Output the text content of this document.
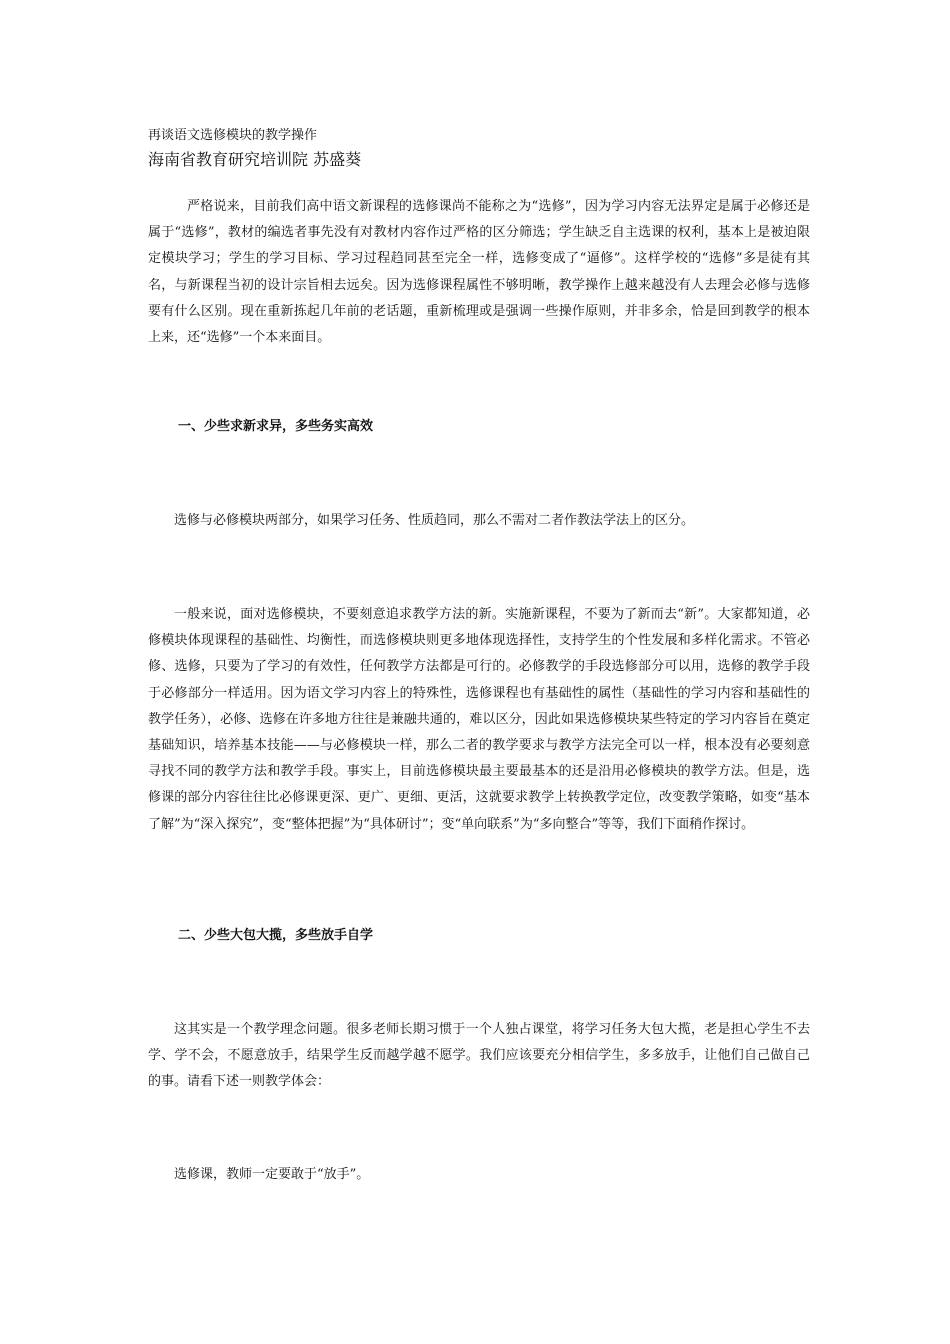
再谈语文选修模块的教学操作
海南省教育研究培训院 苏盛葵

严格说来，目前我们高中语文新课程的选修课尚不能称之为“选修”，因为学习内容无法界定是属于必修还是属于“选修”，教材的编选者事先没有对教材内容作过严格的区分筛选；学生缺乏自主选课的权利，基本上是被迫限定模块学习；学生的学习目标、学习过程趋同甚至完全一样，选修变成了“逼修”。这样学校的“选修”多是徒有其名，与新课程当初的设计宗旨相去远矣。因为选修课程属性不够明晰，教学操作上越来越没有人去理会必修与选修要有什么区别。现在重新拣起几年前的老话题，重新梳理或是强调一些操作原则，并非多余，恰是回到教学的根本上来，还“选修”一个本来面目。

一、少些求新求异，多些务实高效

选修与必修模块两部分，如果学习任务、性质趋同，那么不需对二者作教法学法上的区分。

一般来说，面对选修模块，不要刻意追求教学方法的新。实施新课程，不要为了新而去“新”。大家都知道，必修模块体现课程的基础性、均衡性，而选修模块则更多地体现选择性，支持学生的个性发展和多样化需求。不管必修、选修，只要为了学习的有效性，任何教学方法都是可行的。必修教学的手段选修部分可以用，选修的教学手段于必修部分一样适用。因为语文学习内容上的特殊性，选修课程也有基础性的属性（基础性的学习内容和基础性的教学任务），必修、选修在许多地方往往是兼融共通的，难以区分，因此如果选修模块某些特定的学习内容旨在奠定基础知识，培养基本技能——与必修模块一样，那么二者的教学要求与教学方法完全可以一样，根本没有必要刻意寻找不同的教学方法和教学手段。事实上，目前选修模块最主要最基本的还是沿用必修模块的教学方法。但是，选修课的部分内容往往比必修课更深、更广、更细、更活，这就要求教学上转换教学定位，改变教学策略，如变“基本了解”为“深入探究”，变“整体把握”为“具体研讨”；变“单向联系”为“多向整合”等等，我们下面稍作探讨。

二、少些大包大揽，多些放手自学

这其实是一个教学理念问题。很多老师长期习惯于一个人独占课堂，将学习任务大包大揽，老是担心学生不去学、学不会，不愿意放手，结果学生反而越学越不愿学。我们应该要充分相信学生，多多放手，让他们自己做自己的事。请看下述一则教学体会：

选修课，教师一定要敢于“放手”。
